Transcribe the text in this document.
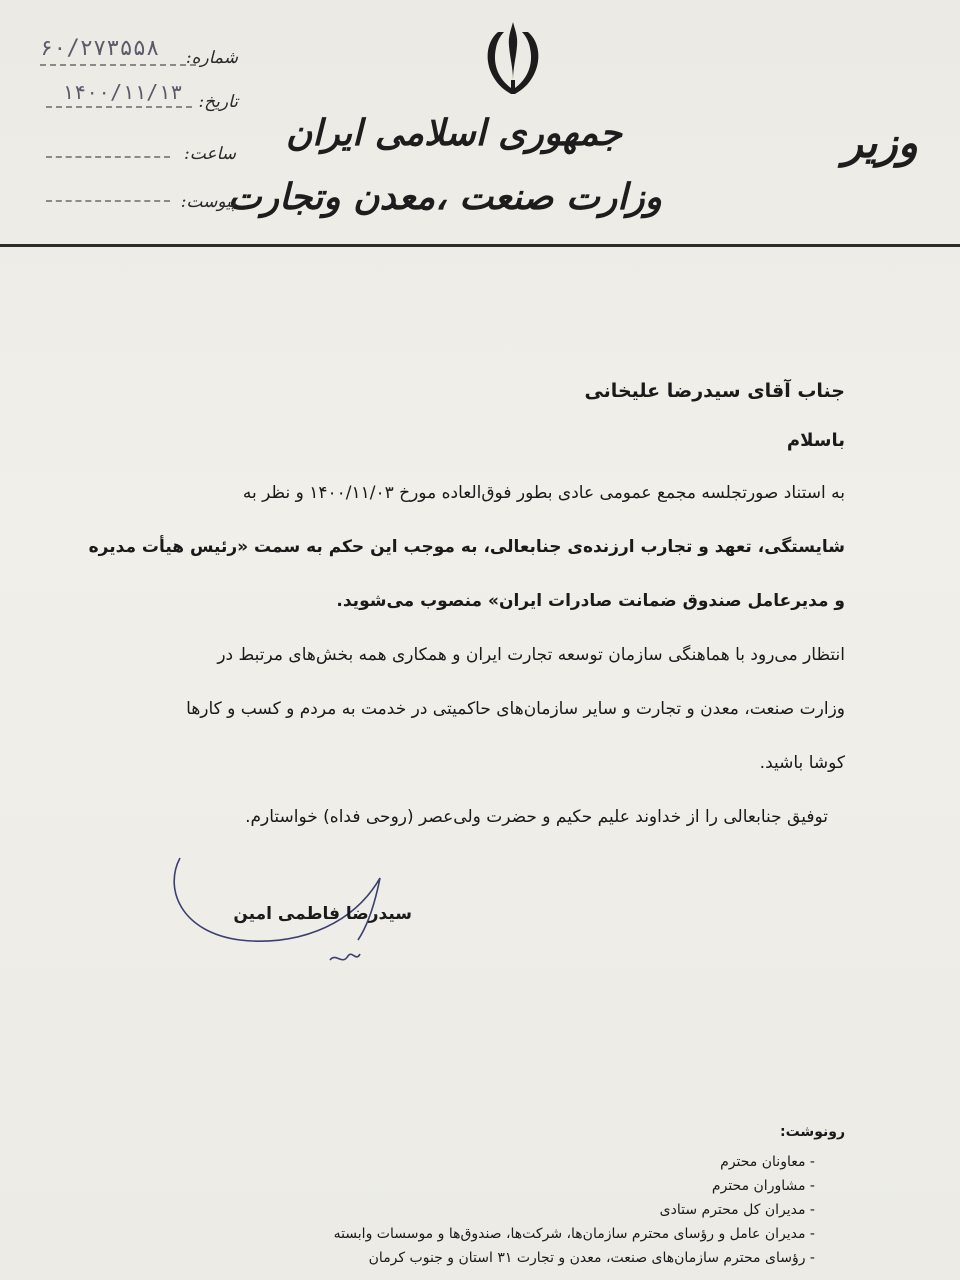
جمهوری اسلامی ایران
وزارت صنعت ،معدن وتجارت
وزیر
شماره:
۶۰/۲۷۳۵۵۸
تاریخ:
۱۴۰۰/۱۱/۱۳
ساعت:
پیوست:
جناب آقای سیدرضا علیخانی
باسلام
به استناد صورتجلسه مجمع عمومی عادی بطور فوق‌العاده مورخ ۱۴۰۰/۱۱/۰۳ و نظر به
شایستگی، تعهد و تجارب ارزنده‌ی جنابعالی، به موجب این حکم به سمت «رئیس هیأت مدیره
و مدیرعامل صندوق ضمانت صادرات ایران» منصوب می‌شوید.
انتظار می‌رود با هماهنگی سازمان توسعه تجارت ایران و همکاری همه بخش‌های مرتبط در
وزارت صنعت، معدن و تجارت و سایر سازمان‌های حاکمیتی در خدمت به مردم و کسب و کارها
کوشا باشید.
توفیق جنابعالی را از خداوند علیم حکیم و حضرت ولی‌عصر (روحی فداه) خواستارم.
سیدرضا فاطمی امین
رونوشت:
- معاونان محترم
- مشاوران محترم
- مدیران کل محترم ستادی
- مدیران عامل و رؤسای محترم سازمان‌ها، شرکت‌ها، صندوق‌ها و موسسات وابسته
- رؤسای محترم سازمان‌های صنعت، معدن و تجارت ۳۱ استان و جنوب کرمان
